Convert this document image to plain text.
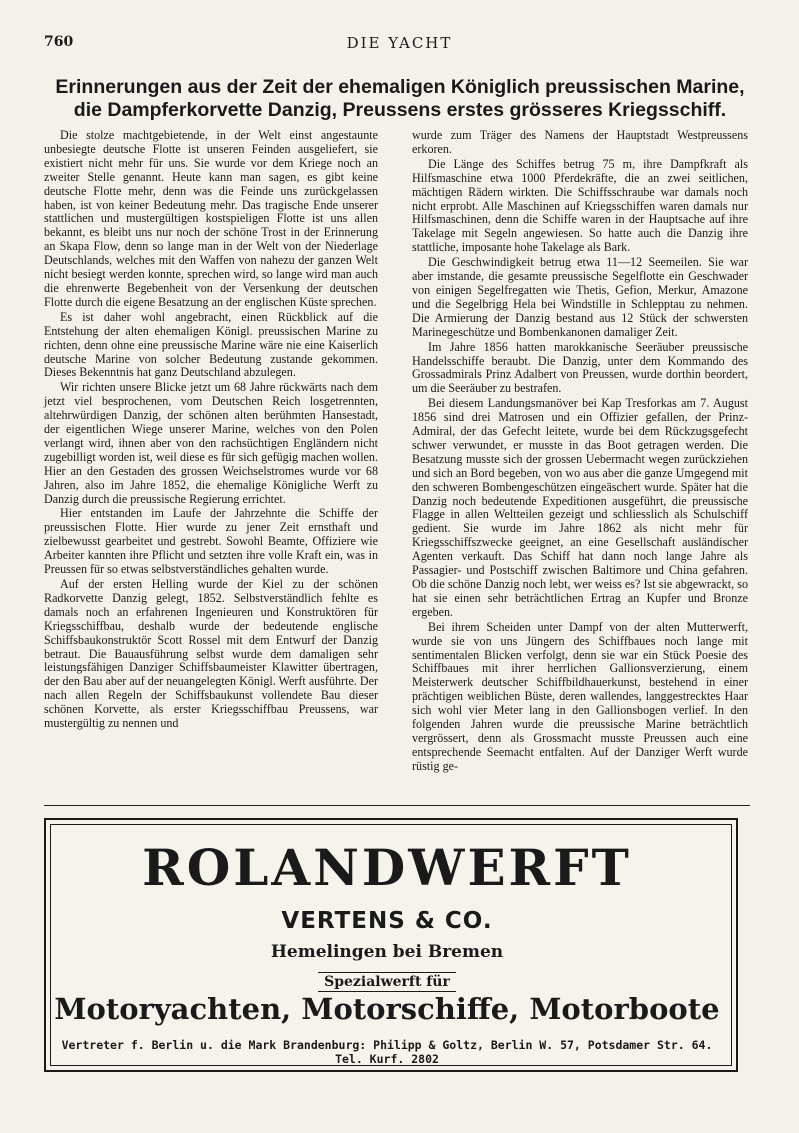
760	DIE YACHT
Erinnerungen aus der Zeit der ehemaligen Königlich preussischen Marine,
die Dampferkorvette Danzig, Preussens erstes grösseres Kriegsschiff.

Die stolze machtgebietende, in der Welt einst angestaunte unbesiegte deutsche Flotte ist unseren Feinden ausgeliefert, sie existiert nicht mehr für uns. Sie wurde vor dem Kriege noch an zweiter Stelle genannt. Heute kann man sagen, es gibt keine deutsche Flotte mehr, denn was die Feinde uns zurückgelassen haben, ist von keiner Bedeutung mehr. Das tragische Ende unserer stattlichen und mustergültigen kostspieligen Flotte ist uns allen bekannt, es bleibt uns nur noch der schöne Trost in der Erinnerung an Skapa Flow, denn so lange man in der Welt von der Niederlage Deutschlands, welches mit den Waffen von nahezu der ganzen Welt nicht besiegt werden konnte, sprechen wird, so lange wird man auch die ehrenwerte Begebenheit von der Versenkung der deutschen Flotte durch die eigene Besatzung an der englischen Küste sprechen.

Es ist daher wohl angebracht, einen Rückblick auf die Entstehung der alten ehemaligen Königl. preussischen Marine zu richten, denn ohne eine preussische Marine wäre nie eine Kaiserlich deutsche Marine von solcher Bedeutung zustande gekommen. Dieses Bekenntnis hat ganz Deutschland abzulegen.

Wir richten unsere Blicke jetzt um 68 Jahre rückwärts nach dem jetzt viel besprochenen, vom Deutschen Reich losgetrennten, altehrwürdigen Danzig, der schönen alten berühmten Hansestadt, der eigentlichen Wiege unserer Marine, welches von den Polen verlangt wird, ihnen aber von den rachsüchtigen Engländern nicht zugebilligt worden ist, weil diese es für sich gefügig machen wollen. Hier an den Gestaden des grossen Weichselstromes wurde vor 68 Jahren, also im Jahre 1852, die ehemalige Königliche Werft zu Danzig durch die preussische Regierung errichtet.

Hier entstanden im Laufe der Jahrzehnte die Schiffe der preussischen Flotte. Hier wurde zu jener Zeit ernsthaft und zielbewusst gearbeitet und gestrebt. Sowohl Beamte, Offiziere wie Arbeiter kannten ihre Pflicht und setzten ihre volle Kraft ein, was in Preussen für so etwas selbstverständliches gehalten wurde.

Auf der ersten Helling wurde der Kiel zu der schönen Radkorvette Danzig gelegt, 1852. Selbstverständlich fehlte es damals noch an erfahrenen Ingenieuren und Konstruktören für Kriegsschiffbau, deshalb wurde der bedeutende englische Schiffsbaukonstruktör Scott Rossel mit dem Entwurf der Danzig betraut. Die Bauausführung selbst wurde dem damaligen sehr leistungsfähigen Danziger Schiffsbaumeister Klawitter übertragen, der den Bau aber auf der neuangelegten Königl. Werft ausführte. Der nach allen Regeln der Schiffsbaukunst vollendete Bau dieser schönen Korvette, als erster Kriegsschiffbau Preussens, war mustergültig zu nennen und

wurde zum Träger des Namens der Hauptstadt Westpreussens erkoren.

Die Länge des Schiffes betrug 75 m, ihre Dampfkraft als Hilfsmaschine etwa 1000 Pferdekräfte, die an zwei seitlichen, mächtigen Rädern wirkten. Die Schiffsschraube war damals noch nicht erprobt. Alle Maschinen auf Kriegsschiffen waren damals nur Hilfsmaschinen, denn die Schiffe waren in der Hauptsache auf ihre Takelage mit Segeln angewiesen. So hatte auch die Danzig ihre stattliche, imposante hohe Takelage als Bark.

Die Geschwindigkeit betrug etwa 11—12 Seemeilen. Sie war aber imstande, die gesamte preussische Segelflotte ein Geschwader von einigen Segelfregatten wie Thetis, Gefion, Merkur, Amazone und die Segelbrigg Hela bei Windstille in Schlepptau zu nehmen. Die Armierung der Danzig bestand aus 12 Stück der schwersten Marinegeschütze und Bombenkanonen damaliger Zeit.

Im Jahre 1856 hatten marokkanische Seeräuber preussische Handelsschiffe beraubt. Die Danzig, unter dem Kommando des Grossadmirals Prinz Adalbert von Preussen, wurde dorthin beordert, um die Seeräuber zu bestrafen.

Bei diesem Landungsmanöver bei Kap Tresforkas am 7. August 1856 sind drei Matrosen und ein Offizier gefallen, der Prinz-Admiral, der das Gefecht leitete, wurde bei dem Rückzugsgefecht schwer verwundet, er musste in das Boot getragen werden. Die Besatzung musste sich der grossen Uebermacht wegen zurückziehen und sich an Bord begeben, von wo aus aber die ganze Umgegend mit den schweren Bombengeschützen eingeäschert wurde. Später hat die Danzig noch bedeutende Expeditionen ausgeführt, die preussische Flagge in allen Weltteilen gezeigt und schliesslich als Schulschiff gedient. Sie wurde im Jahre 1862 als nicht mehr für Kriegsschiffszwecke geeignet, an eine Gesellschaft ausländischer Agenten verkauft. Das Schiff hat dann noch lange Jahre als Passagier- und Postschiff zwischen Baltimore und China gefahren. Ob die schöne Danzig noch lebt, wer weiss es? Ist sie abgewrackt, so hat sie einen sehr beträchtlichen Ertrag an Kupfer und Bronze ergeben.

Bei ihrem Scheiden unter Dampf von der alten Mutterwerft, wurde sie von uns Jüngern des Schiffbaues noch lange mit sentimentalen Blicken verfolgt, denn sie war ein Stück Poesie des Schiffbaues mit ihrer herrlichen Gallionsverzierung, einem Meisterwerk deutscher Schiffbildhauerkunst, bestehend in einer prächtigen weiblichen Büste, deren wallendes, langgestrecktes Haar sich wohl vier Meter lang in den Gallionsbogen verlief. In den folgenden Jahren wurde die preussische Marine beträchtlich vergrössert, denn als Grossmacht musste Preussen auch eine entsprechende Seemacht entfalten. Auf der Danziger Werft wurde rüstig ge-

ROLANDWERFT
VERTENS & CO.
Hemelingen bei Bremen
Spezialwerft für
Motoryachten, Motorschiffe, Motorboote
Vertreter f. Berlin u. die Mark Brandenburg: Philipp & Goltz, Berlin W. 57, Potsdamer Str. 64. Tel. Kurf. 2802
